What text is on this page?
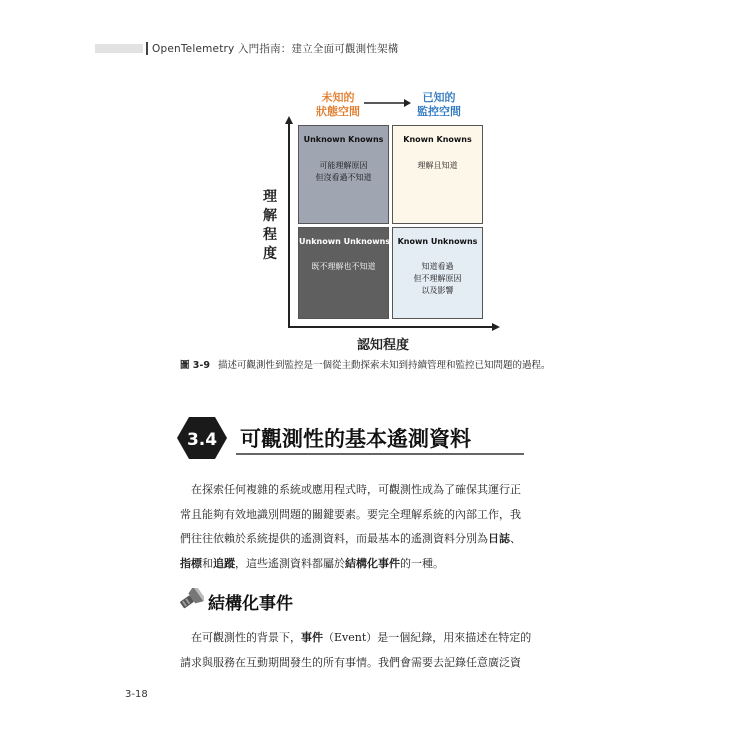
OpenTelemetry 入門指南：建立全面可觀測性架構
未知的
狀態空間
已知的
監控空間
Unknown Knowns
可能理解原因
但沒看過不知道
Known Knowns
理解且知道
Unknown Unknowns
既不理解也不知道
Known Unknowns
知道看過
但不理解原因
以及影響
理
解
程
度
認知程度
圖 3-9 描述可觀測性到監控是一個從主動探索未知到持續管理和監控已知問題的過程。
3.4 可觀測性的基本遙測資料
在探索任何複雜的系統或應用程式時，可觀測性成為了確保其運行正
常且能夠有效地識別問題的關鍵要素。要完全理解系統的內部工作，我
們往往依賴於系統提供的遙測資料，而最基本的遙測資料分別為日誌、
指標和追蹤，這些遙測資料都屬於結構化事件的一種。
結構化事件
在可觀測性的背景下，事件（Event）是一個紀錄，用來描述在特定的
請求與服務在互動期間發生的所有事情。我們會需要去記錄任意廣泛資
3-18
